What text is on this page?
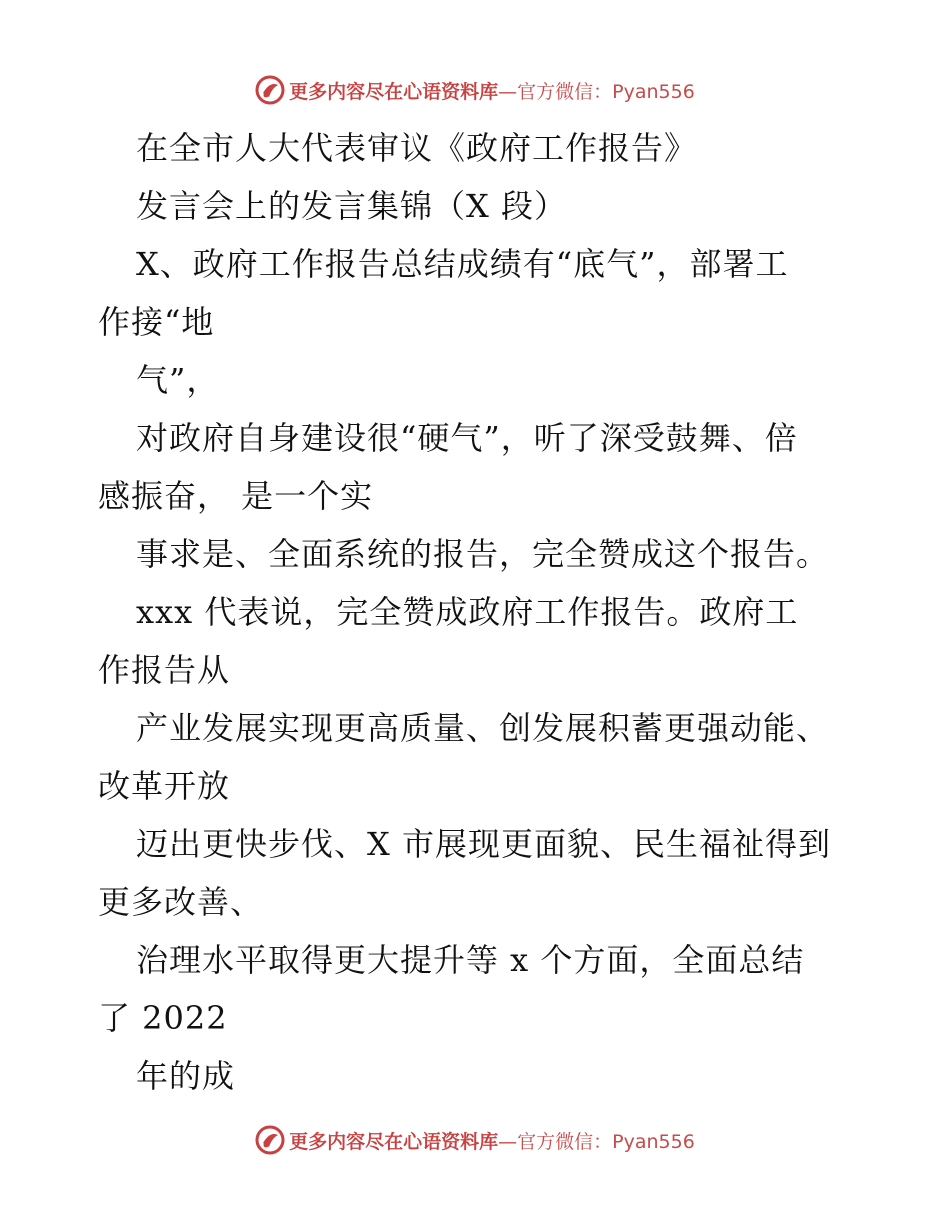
更多内容尽在心语资料库—官方微信：Pyan556
在全市人大代表审议《政府工作报告》
发言会上的发言集锦（X 段）
X、政府工作报告总结成绩有“底气”，部署工
作接“地
气”，
对政府自身建设很“硬气”，听了深受鼓舞、倍
感振奋， 是一个实
事求是、全面系统的报告，完全赞成这个报告。
xxx 代表说，完全赞成政府工作报告。政府工
作报告从
产业发展实现更高质量、创发展积蓄更强动能、
改革开放
迈出更快步伐、X 市展现更面貌、民生福祉得到
更多改善、
治理水平取得更大提升等 x 个方面，全面总结
了 2022
年的成
更多内容尽在心语资料库—官方微信：Pyan556
